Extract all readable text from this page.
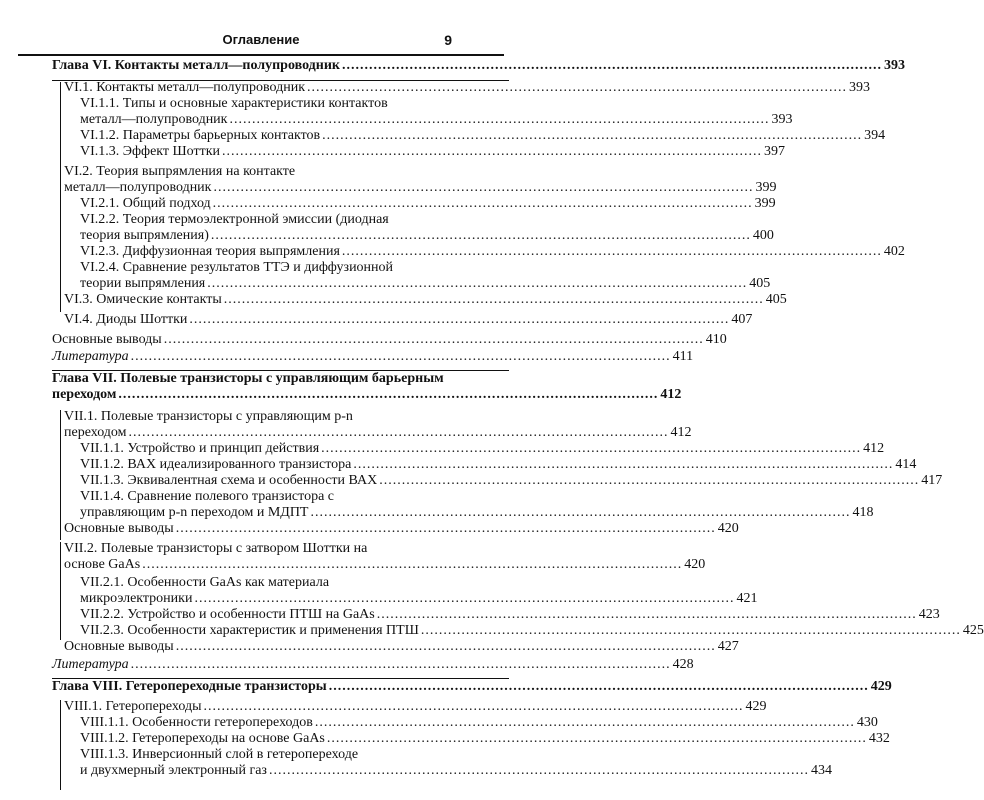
Оглавление	9
Глава VI. Контакты металл—полупроводник ........................................................................................................................ 393
VI.1. Контакты металл—полупроводник ........................................................................................................................ 393
VI.1.1. Типы и основные характеристики контактов
металл—полупроводник ........................................................................................................................ 393
VI.1.2. Параметры барьерных контактов ........................................................................................................................ 394
VI.1.3. Эффект Шоттки ........................................................................................................................ 397
VI.2. Теория выпрямления на контакте
металл—полупроводник ........................................................................................................................ 399
VI.2.1. Общий подход ........................................................................................................................ 399
VI.2.2. Теория термоэлектронной эмиссии (диодная
теория выпрямления) ........................................................................................................................ 400
VI.2.3. Диффузионная теория выпрямления ........................................................................................................................ 402
VI.2.4. Сравнение результатов ТТЭ и диффузионной
теории выпрямления ........................................................................................................................ 405
VI.3. Омические контакты ........................................................................................................................ 405
VI.4. Диоды Шоттки ........................................................................................................................ 407
Основные выводы ........................................................................................................................ 410
Литература ........................................................................................................................ 411
Глава VII. Полевые транзисторы с управляющим барьерным
переходом ........................................................................................................................ 412
VII.1. Полевые транзисторы с управляющим p-n
переходом ........................................................................................................................ 412
VII.1.1. Устройство и принцип действия ........................................................................................................................ 412
VII.1.2. ВАХ идеализированного транзистора ........................................................................................................................ 414
VII.1.3. Эквивалентная схема и особенности ВАХ ........................................................................................................................ 417
VII.1.4. Сравнение полевого транзистора с
управляющим p-n переходом и МДПТ ........................................................................................................................ 418
Основные выводы ........................................................................................................................ 420
VII.2. Полевые транзисторы с затвором Шоттки на
основе GaAs ........................................................................................................................ 420
VII.2.1. Особенности GaAs как материала
микроэлектроники ........................................................................................................................ 421
VII.2.2. Устройство и особенности ПТШ на GaAs ........................................................................................................................ 423
VII.2.3. Особенности характеристик и применения ПТШ ........................................................................................................................ 425
Основные выводы ........................................................................................................................ 427
Литература ........................................................................................................................ 428
Глава VIII. Гетеропереходные транзисторы ........................................................................................................................ 429
VIII.1. Гетеропереходы ........................................................................................................................ 429
VIII.1.1. Особенности гетеропереходов ........................................................................................................................ 430
VIII.1.2. Гетеропереходы на основе GaAs ........................................................................................................................ 432
VIII.1.3. Инверсионный слой в гетеропереходе
и двухмерный электронный газ ........................................................................................................................ 434
